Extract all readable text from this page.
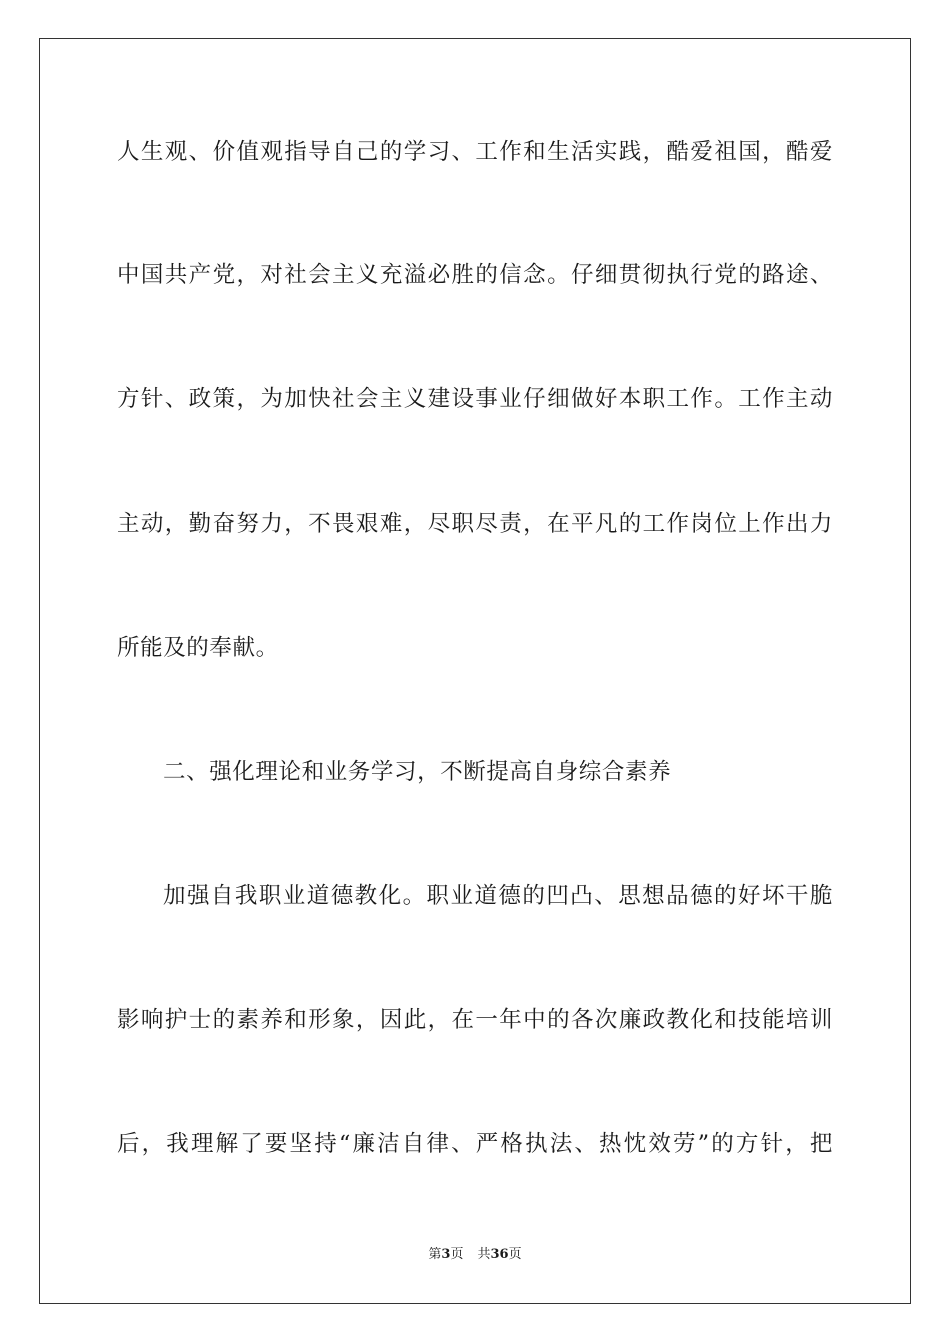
人生观、价值观指导自己的学习、工作和生活实践，酷爱祖国，酷爱

中国共产党，对社会主义充溢必胜的信念。仔细贯彻执行党的路途、

方针、政策，为加快社会主义建设事业仔细做好本职工作。工作主动

主动，勤奋努力，不畏艰难，尽职尽责，在平凡的工作岗位上作出力

所能及的奉献。

二、强化理论和业务学习，不断提高自身综合素养

加强自我职业道德教化。职业道德的凹凸、思想品德的好坏干脆

影响护士的素养和形象，因此，在一年中的各次廉政教化和技能培训

后，我理解了要坚持“廉洁自律、严格执法、热忱效劳”的方针，把

第3页 共36页
